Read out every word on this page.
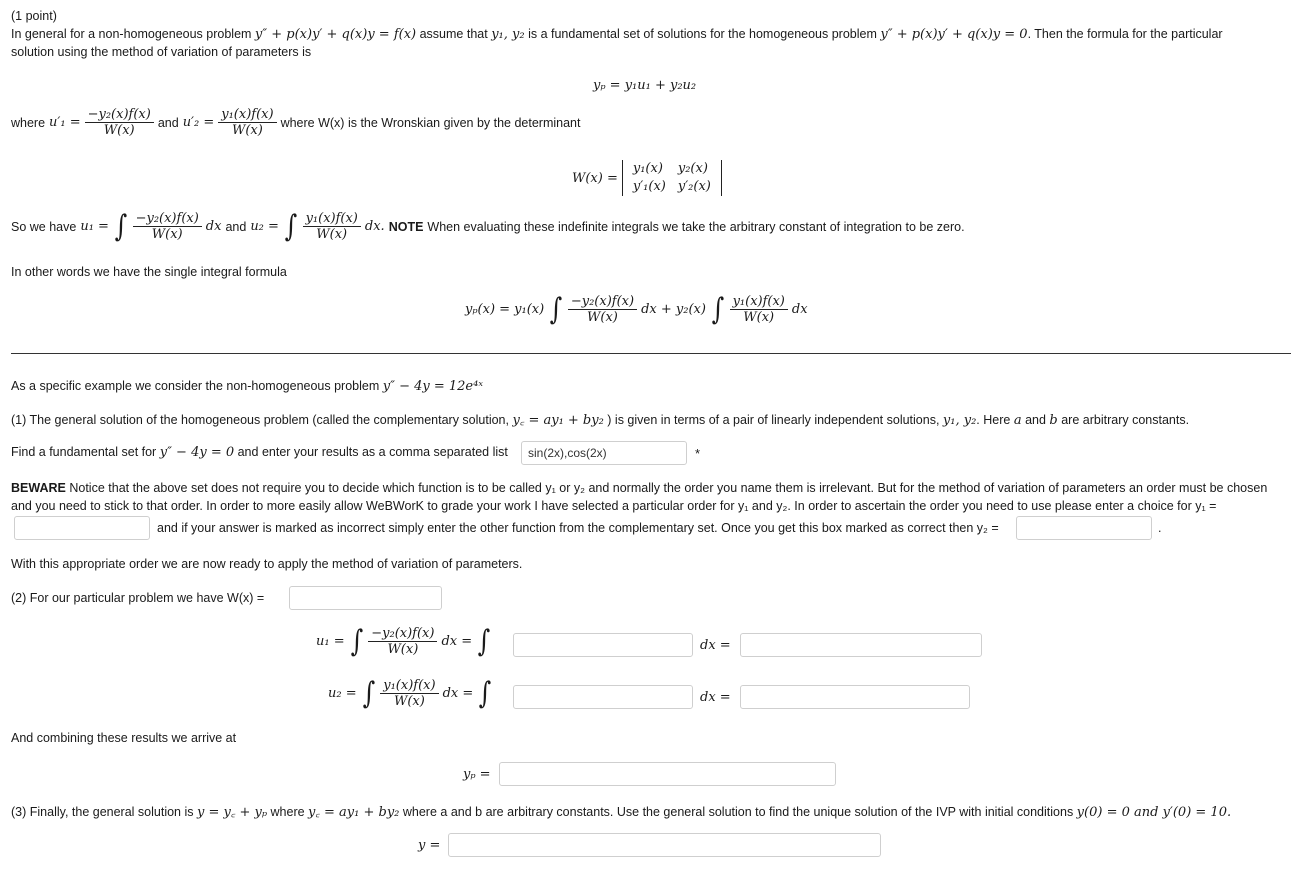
(1 point)
In general for a non-homogeneous problem y″ + p(x)y′ + q(x)y = f(x) assume that y₁, y₂ is a fundamental set of solutions for the homogeneous problem y″ + p(x)y′ + q(x)y = 0. Then the formula for the particular
solution using the method of variation of parameters is
yₚ = y₁u₁ + y₂u₂
where $u'_1 = \frac{\text{−y₂(x)f(x)}}{W(x)}$ and $u'_2 = \frac{\text{y₁(x)f(x)}}{W(x)}$ where W(x) is the Wronskian given by the determinant
W(x) =
y₁(x)	y₂(x)
y′₁(x)	y′₂(x)
So we have u₁ = ∫ $\frac{\text{−y₂(x)f(x)}}{W(x)}$ dx and u₂ = ∫ $\frac{\text{y₁(x)f(x)}}{W(x)}$ dx. NOTE When evaluating these indefinite integrals we take the arbitrary constant of integration to be zero.
In other words we have the single integral formula
yₚ(x) = y₁(x) ∫ $\frac{\text{−y₂(x)f(x)}}{W(x)}$ dx + y₂(x) ∫ $\frac{\text{y₁(x)f(x)}}{W(x)}$ dx
As a specific example we consider the non-homogeneous problem y″ − 4y = 12e⁴ˣ
(1) The general solution of the homogeneous problem (called the complementary solution, y꜀ = ay₁ + by₂ ) is given in terms of a pair of linearly independent solutions, y₁, y₂. Here a and b are arbitrary constants.
Find a fundamental set for y″ − 4y = 0 and enter your results as a comma separated list
sin(2x),cos(2x)	*
BEWARE Notice that the above set does not require you to decide which function is to be called y₁ or y₂ and normally the order you name them is irrelevant. But for the method of variation of parameters an order must be chosen
and you need to stick to that order. In order to more easily allow WeBWorK to grade your work I have selected a particular order for y₁ and y₂. In order to ascertain the order you need to use please enter a choice for y₁ =
and if your answer is marked as incorrect simply enter the other function from the complementary set. Once you get this box marked as correct then y₂ =	.
With this appropriate order we are now ready to apply the method of variation of parameters.
(2) For our particular problem we have W(x) =
u₁ = ∫ $\frac{\text{−y₂(x)f(x)}}{W(x)}$ dx = ∫	dx =
u₂ = ∫ $\frac{\text{y₁(x)f(x)}}{W(x)}$ dx = ∫	dx =
And combining these results we arrive at
yₚ =
(3) Finally, the general solution is y = y꜀ + yₚ where y꜀ = ay₁ + by₂ where a and b are arbitrary constants. Use the general solution to find the unique solution of the IVP with initial conditions y(0) = 0 and y′(0) = 10.
y =
